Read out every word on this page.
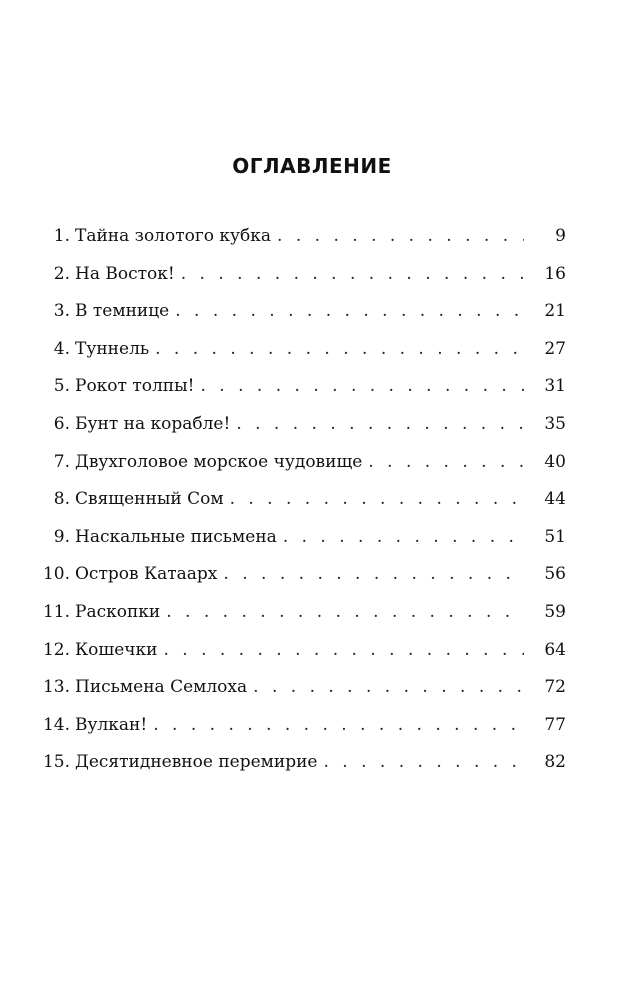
ОГЛАВЛЕНИЕ
1. Тайна золотого кубка . . .	9
2. На Восток! . . .	16
3. В темнице . . .	21
4. Туннель . . .	27
5. Рокот толпы! . . .	31
6. Бунт на корабле! . . .	35
7. Двухголовое морское чудовище . . .	40
8. Священный Сом . . .	44
9. Наскальные письмена . . .	51
10. Остров Катаарх . . .	56
11. Раскопки . . .	59
12. Кошечки . . .	64
13. Письмена Семлоха . . .	72
14. Вулкан! . . .	77
15. Десятидневное перемирие . . .	82
